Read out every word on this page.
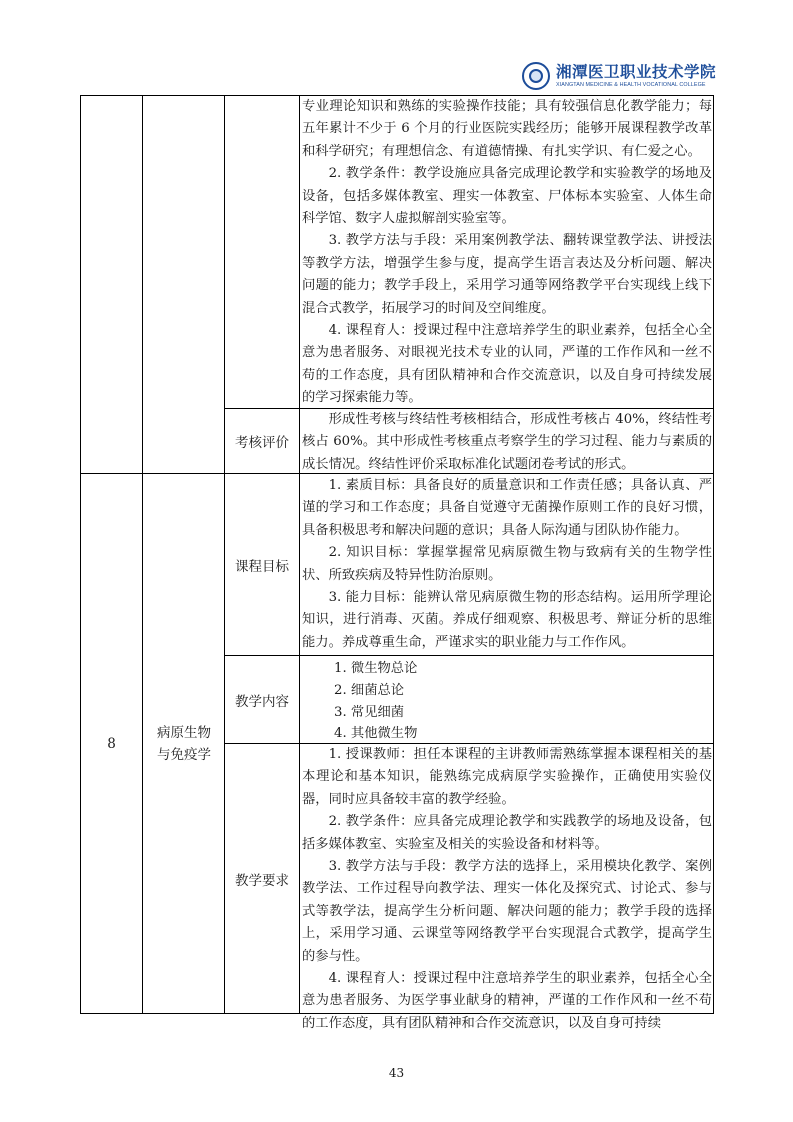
湘潭医卫职业技术学院
XIANGTAN MEDICINE & HEALTH VOCATIONAL COLLEGE

专业理论知识和熟练的实验操作技能；具有较强信息化教学能力；每五年累计不少于 6 个月的行业医院实践经历；能够开展课程教学改革和科学研究；有理想信念、有道德情操、有扎实学识、有仁爱之心。

2. 教学条件：教学设施应具备完成理论教学和实验教学的场地及设备，包括多媒体教室、理实一体教室、尸体标本实验室、人体生命科学馆、数字人虚拟解剖实验室等。

3. 教学方法与手段：采用案例教学法、翻转课堂教学法、讲授法等教学方法，增强学生参与度，提高学生语言表达及分析问题、解决问题的能力；教学手段上，采用学习通等网络教学平台实现线上线下混合式教学，拓展学习的时间及空间维度。

4. 课程育人：授课过程中注意培养学生的职业素养，包括全心全意为患者服务、对眼视光技术专业的认同，严谨的工作作风和一丝不苟的工作态度，具有团队精神和合作交流意识，以及自身可持续发展的学习探索能力等。

考核评价

形成性考核与终结性考核相结合，形成性考核占 40%，终结性考核占 60%。其中形成性考核重点考察学生的学习过程、能力与素质的成长情况。终结性评价采取标准化试题闭卷考试的形式。

8
病原生物
与免疫学
课程目标

1. 素质目标：具备良好的质量意识和工作责任感；具备认真、严谨的学习和工作态度；具备自觉遵守无菌操作原则工作的良好习惯，具备积极思考和解决问题的意识；具备人际沟通与团队协作能力。

2. 知识目标：掌握掌握常见病原微生物与致病有关的生物学性状、所致疾病及特异性防治原则。

3. 能力目标：能辨认常见病原微生物的形态结构。运用所学理论知识，进行消毒、灭菌。养成仔细观察、积极思考、辩证分析的思维能力。养成尊重生命，严谨求实的职业能力与工作作风。

教学内容
1. 微生物总论
2. 细菌总论
3. 常见细菌
4. 其他微生物
教学要求

1. 授课教师：担任本课程的主讲教师需熟练掌握本课程相关的基本理论和基本知识，能熟练完成病原学实验操作，正确使用实验仪器，同时应具备较丰富的教学经验。

2. 教学条件：应具备完成理论教学和实践教学的场地及设备，包括多媒体教室、实验室及相关的实验设备和材料等。

3. 教学方法与手段：教学方法的选择上，采用模块化教学、案例教学法、工作过程导向教学法、理实一体化及探究式、讨论式、参与式等教学法，提高学生分析问题、解决问题的能力；教学手段的选择上，采用学习通、云课堂等网络教学平台实现混合式教学，提高学生的参与性。

4. 课程育人：授课过程中注意培养学生的职业素养，包括全心全意为患者服务、为医学事业献身的精神，严谨的工作作风和一丝不苟的工作态度，具有团队精神和合作交流意识，以及自身可持续

43
